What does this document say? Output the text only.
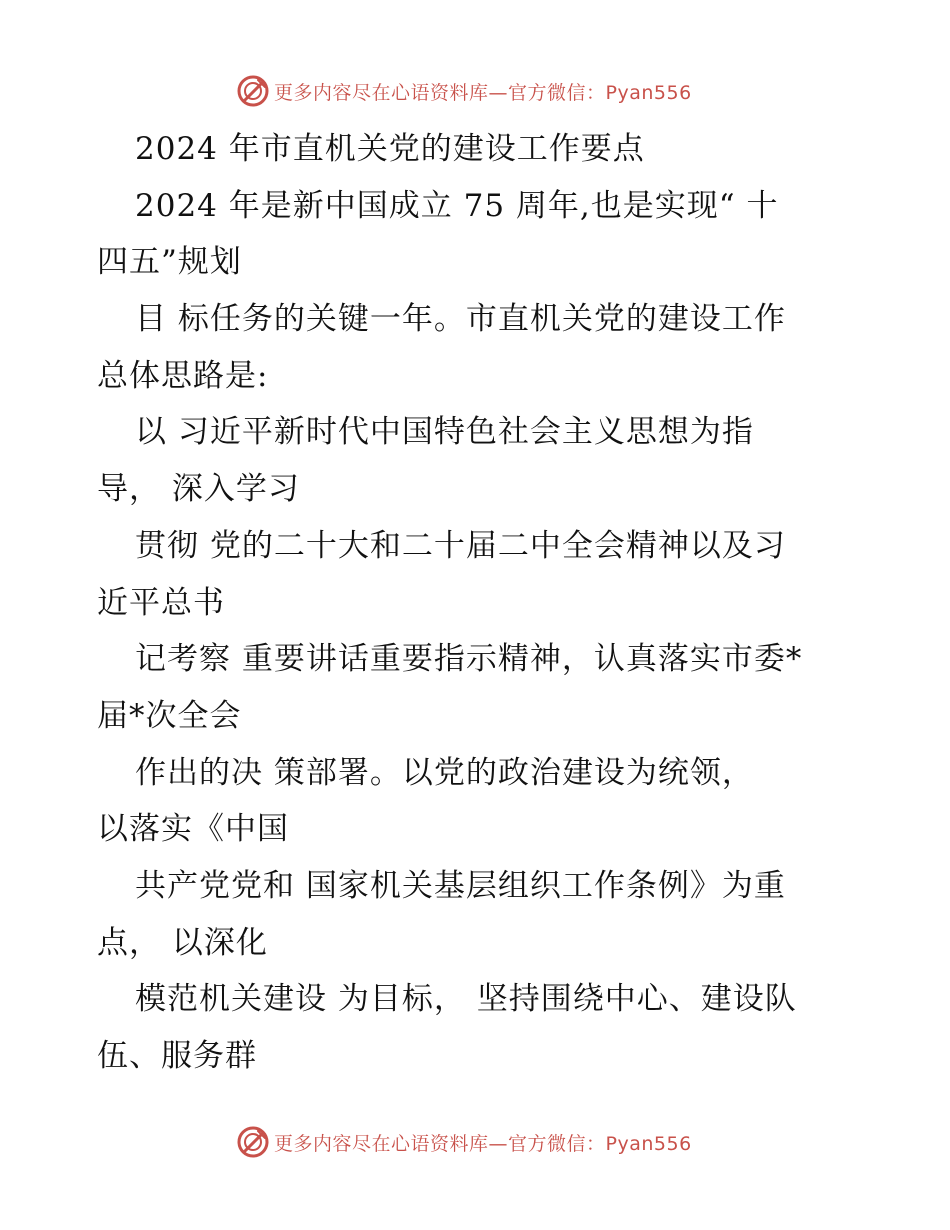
更多内容尽在心语资料库—官方微信：Pyan556
2024 年市直机关党的建设工作要点
2024 年是新中国成立 75 周年,也是实现“ 十
四五”规划
目 标任务的关键一年。市直机关党的建设工作
总体思路是:
以 习近平新时代中国特色社会主义思想为指
导， 深入学习
贯彻 党的二十大和二十届二中全会精神以及习
近平总书
记考察 重要讲话重要指示精神，认真落实市委*
届*次全会
作出的决 策部署。以党的政治建设为统领，
以落实《中国
共产党党和 国家机关基层组织工作条例》为重
点， 以深化
模范机关建设 为目标， 坚持围绕中心、建设队
伍、服务群
更多内容尽在心语资料库—官方微信：Pyan556
